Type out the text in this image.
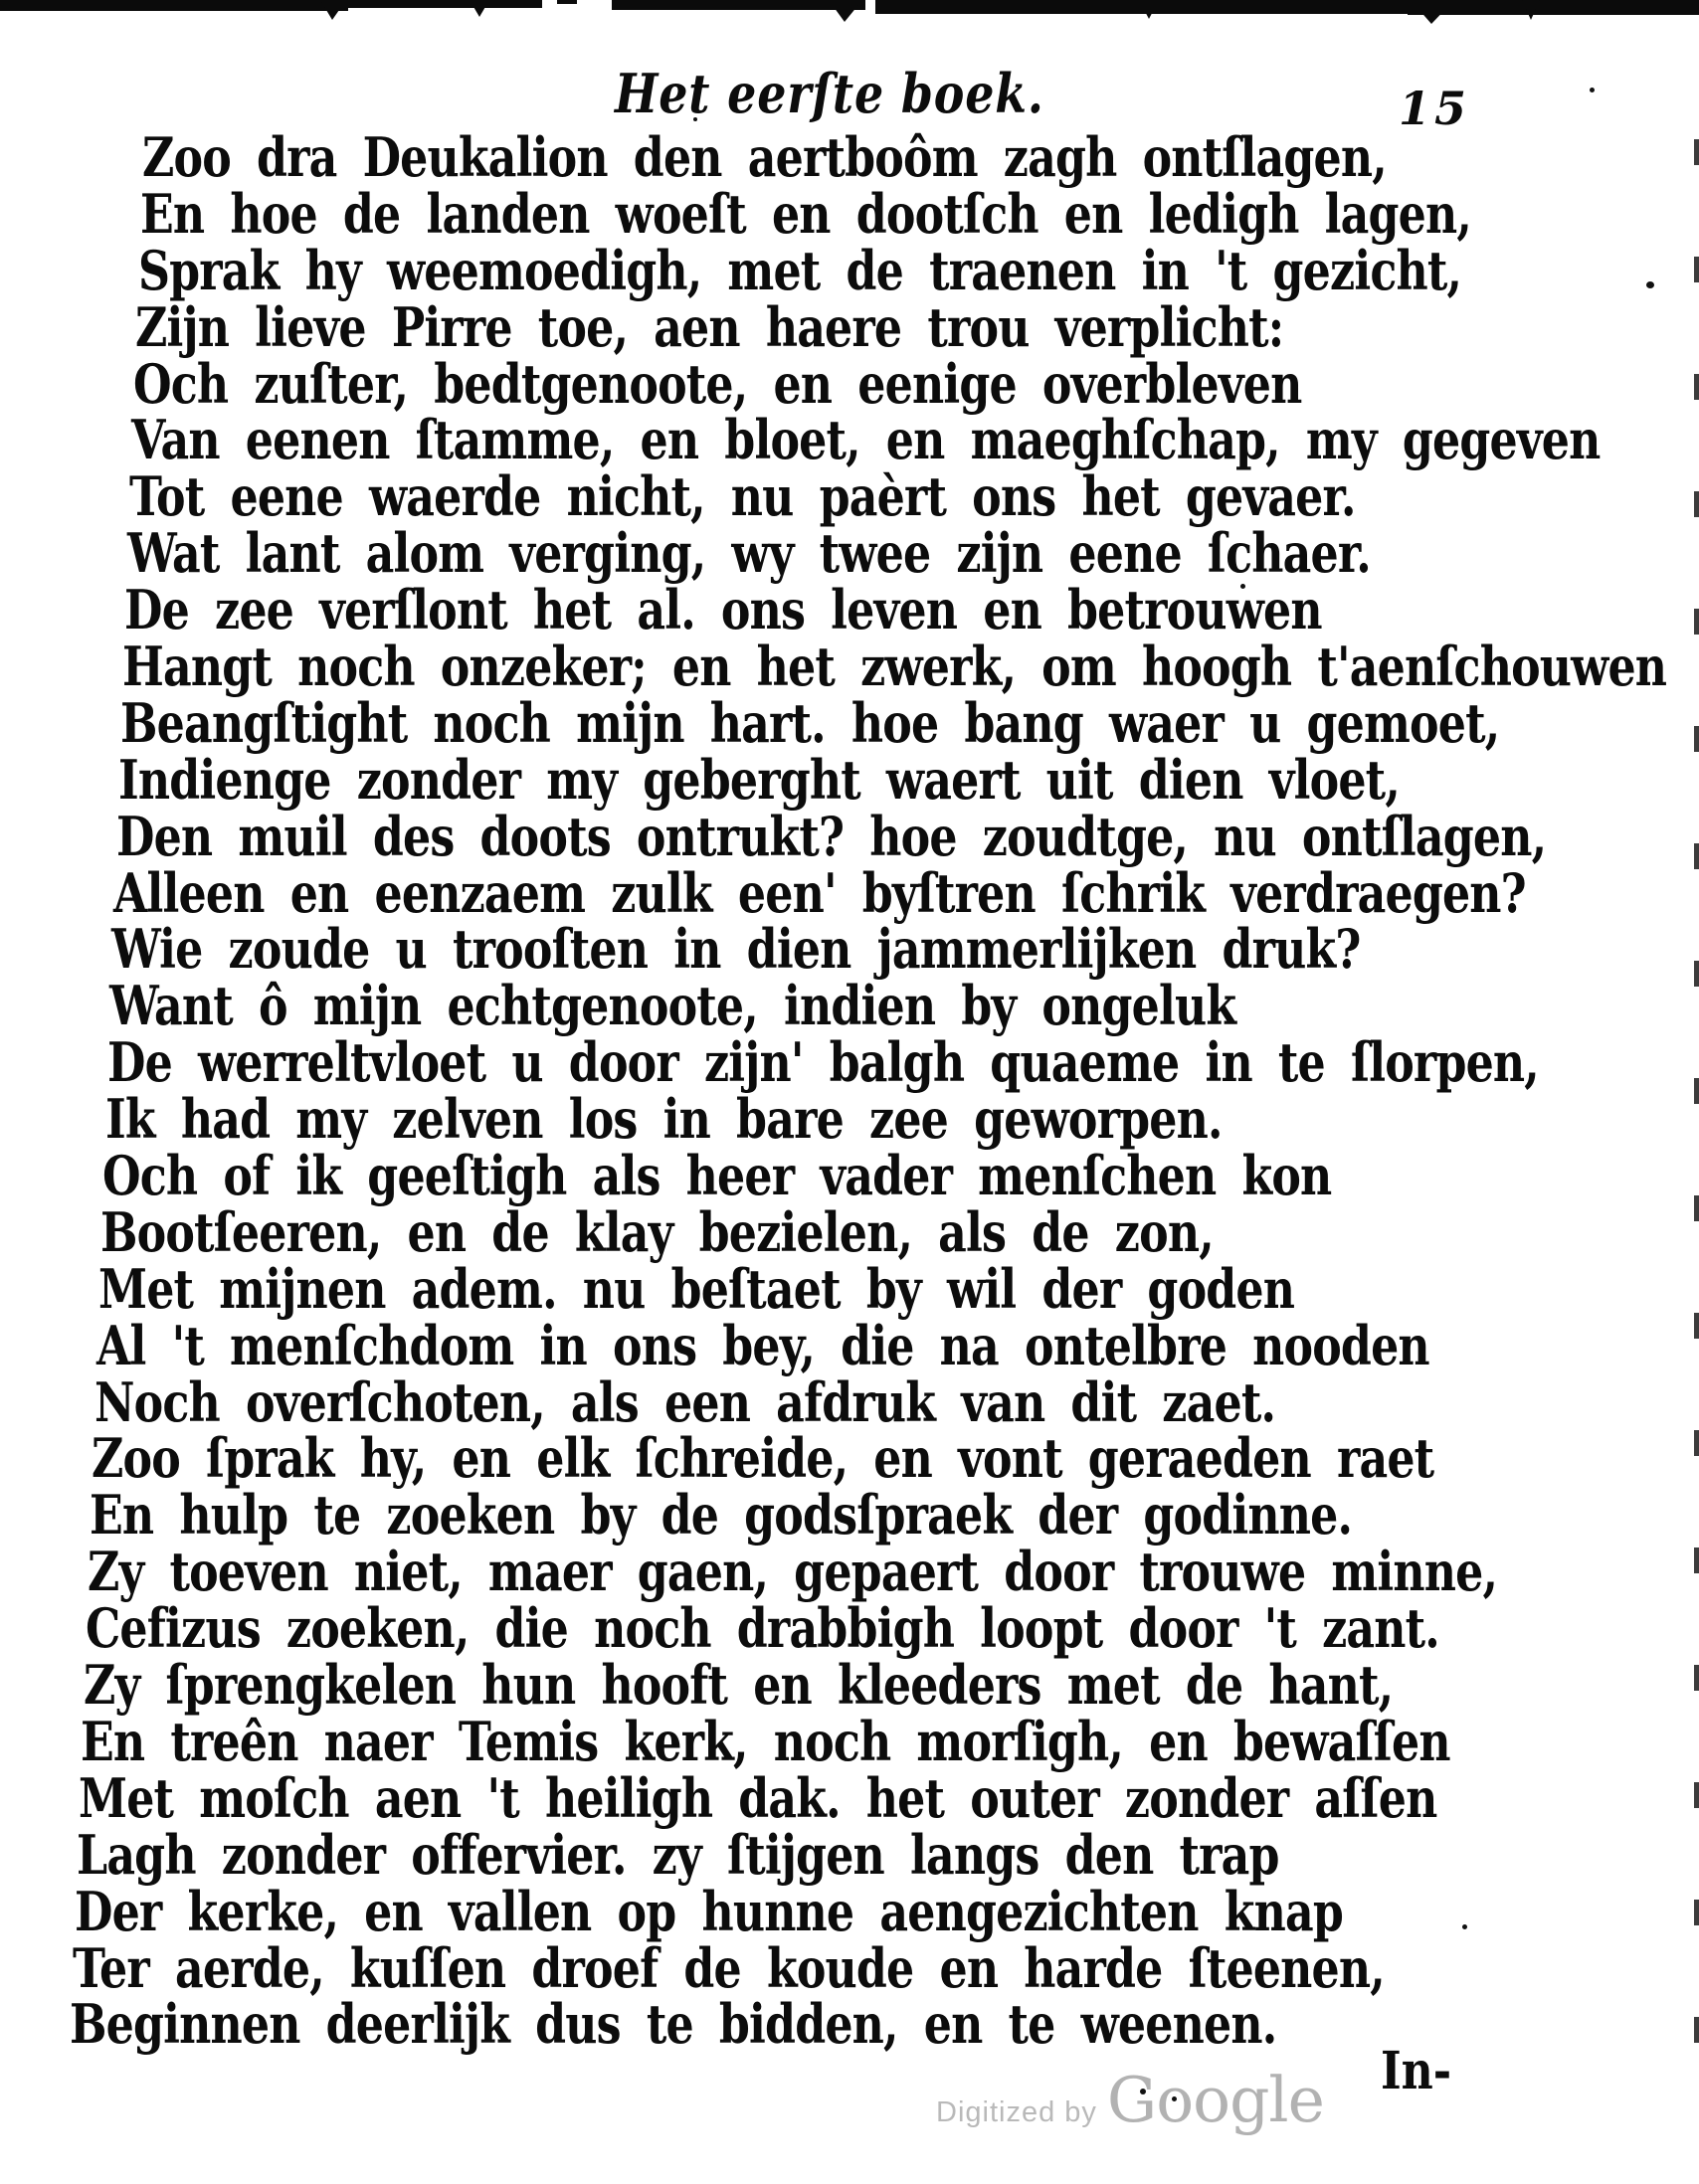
Het eerſte boek.	15
Zoo dra Deukalion den aertboôm zagh ontſlagen,
En hoe de landen woeſt en dootſch en ledigh lagen,
Sprak hy weemoedigh, met de traenen in 't gezicht,
Zijn lieve Pirre toe, aen haere trou verplicht:
Och zuſter, bedtgenoote, en eenige overbleven
Van eenen ſtamme, en bloet, en maeghſchap, my gegeven
Tot eene waerde nicht, nu paèrt ons het gevaer.
Wat lant alom verging, wy twee zijn eene ſchaer.
De zee verſlont het al. ons leven en betrouwen
Hangt noch onzeker; en het zwerk, om hoogh t'aenſchouwen
Beangſtight noch mijn hart. hoe bang waer u gemoet,
Indienge zonder my geberght waert uit dien vloet,
Den muil des doots ontrukt? hoe zoudtge, nu ontſlagen,
Alleen en eenzaem zulk een' byſtren ſchrik verdraegen?
Wie zoude u trooſten in dien jammerlijken druk?
Want ô mijn echtgenoote, indien by ongeluk
De werreltvloet u door zijn' balgh quaeme in te ſlorpen,
Ik had my zelven los in bare zee geworpen.
Och of ik geeſtigh als heer vader menſchen kon
Bootſeeren, en de klay bezielen, als de zon,
Met mijnen adem. nu beſtaet by wil der goden
Al 't menſchdom in ons bey, die na ontelbre nooden
Noch overſchoten, als een afdruk van dit zaet.
Zoo ſprak hy, en elk ſchreide, en vont geraeden raet
En hulp te zoeken by de godsſpraek der godinne.
Zy toeven niet, maer gaen, gepaert door trouwe minne,
Cefizus zoeken, die noch drabbigh loopt door 't zant.
Zy ſprengkelen hun hooft en kleeders met de hant,
En treên naer Temis kerk, noch morſigh, en bewaſſen
Met moſch aen 't heiligh dak. het outer zonder aſſen
Lagh zonder offervier. zy ſtijgen langs den trap
Der kerke, en vallen op hunne aengezichten knap
Ter aerde, kuſſen droef de koude en harde ſteenen,
Beginnen deerlijk dus te bidden, en te weenen.
In-
Digitized by Google
